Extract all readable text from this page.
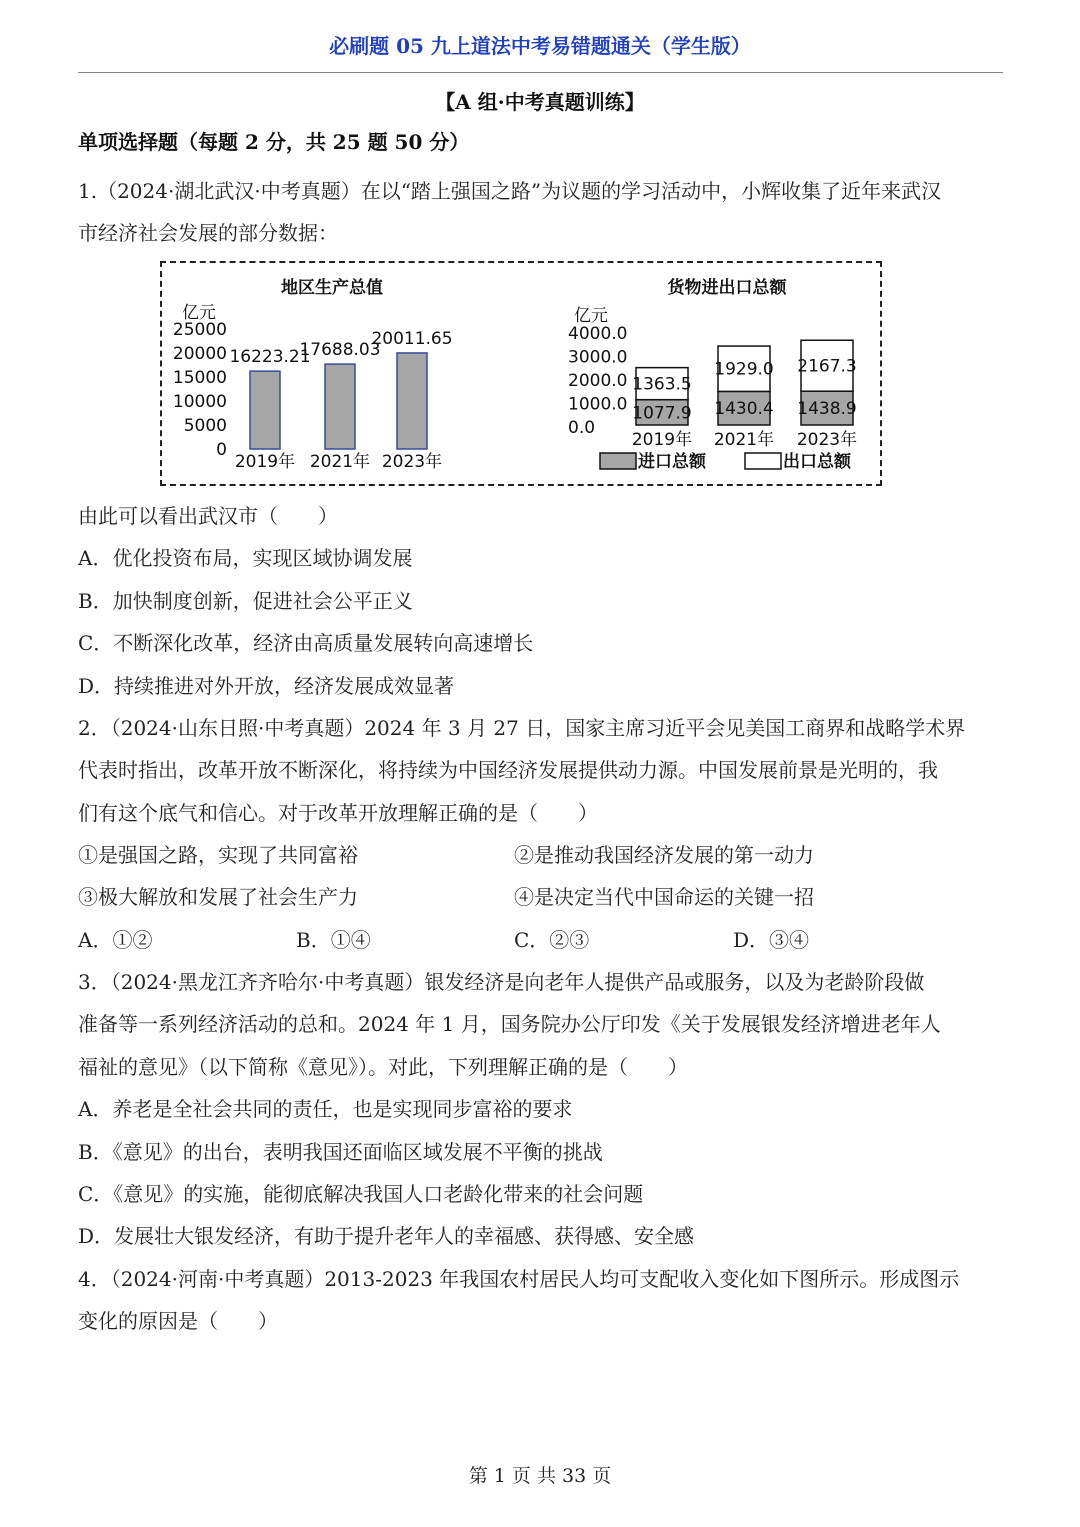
必刷题 05 九上道法中考易错题通关（学生版）
【A 组·中考真题训练】
单项选择题（每题 2 分，共 25 题 50 分）
1.（2024·湖北武汉·中考真题）在以“踏上强国之路”为议题的学习活动中，小辉收集了近年来武汉
市经济社会发展的部分数据：
地区生产总值
亿元
25000
20000
15000
10000
5000
0
16223.21
2019年
17688.03
2021年
20011.65
2023年
货物进出口总额
亿元
4000.0
3000.0
2000.0
1000.0
0.0
1077.9
1363.5
2019年
1430.4
1929.0
2021年
1438.9
2167.3
2023年
进口总额	出口总额
由此可以看出武汉市（　　）
A．优化投资布局，实现区域协调发展
B．加快制度创新，促进社会公平正义
C．不断深化改革，经济由高质量发展转向高速增长
D．持续推进对外开放，经济发展成效显著
2．（2024·山东日照·中考真题）2024 年 3 月 27 日，国家主席习近平会见美国工商界和战略学术界
代表时指出，改革开放不断深化，将持续为中国经济发展提供动力源。中国发展前景是光明的，我
们有这个底气和信心。对于改革开放理解正确的是（　　）
①是强国之路，实现了共同富裕	②是推动我国经济发展的第一动力
③极大解放和发展了社会生产力	④是决定当代中国命运的关键一招
A．①②	B．①④	C．②③	D．③④
3．（2024·黑龙江齐齐哈尔·中考真题）银发经济是向老年人提供产品或服务，以及为老龄阶段做
准备等一系列经济活动的总和。2024 年 1 月，国务院办公厅印发《关于发展银发经济增进老年人
福祉的意见》（以下简称《意见》）。对此，下列理解正确的是（　　）
A．养老是全社会共同的责任，也是实现同步富裕的要求
B．《意见》的出台，表明我国还面临区域发展不平衡的挑战
C．《意见》的实施，能彻底解决我国人口老龄化带来的社会问题
D．发展壮大银发经济，有助于提升老年人的幸福感、获得感、安全感
4．（2024·河南·中考真题）2013-2023 年我国农村居民人均可支配收入变化如下图所示。形成图示
变化的原因是（　　）
第 1 页 共 33 页
